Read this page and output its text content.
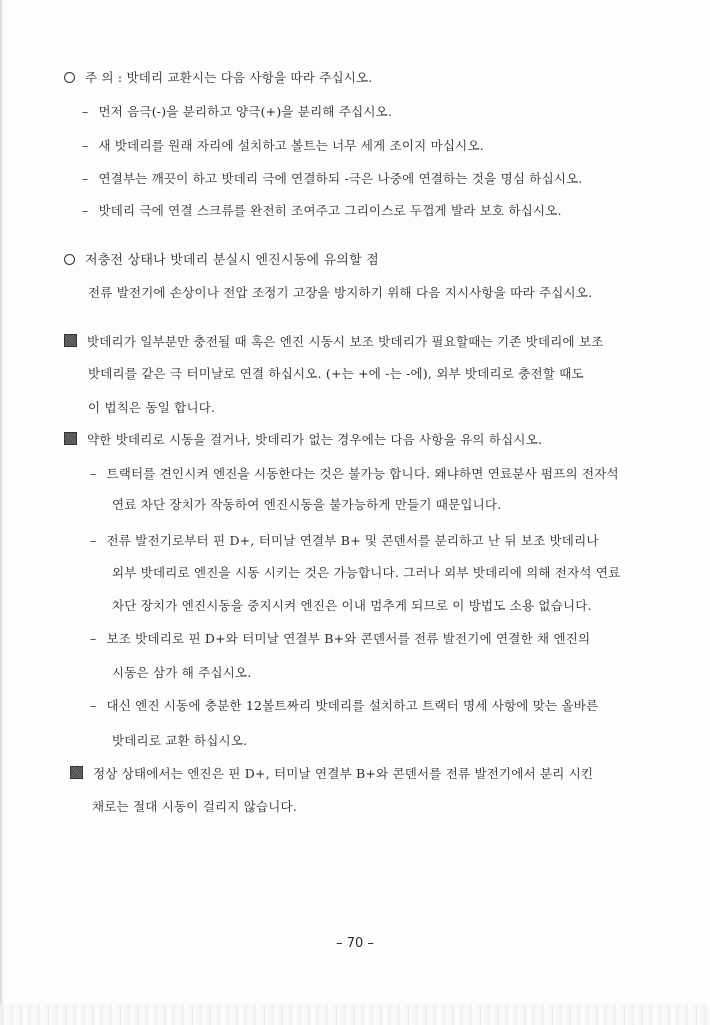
주 의 : 밧데리 교환시는 다음 사항을 따라 주십시오.
– 먼저 음극(-)을 분리하고 양극(+)을 분리해 주십시오.
– 새 밧데리를 원래 자리에 설치하고 볼트는 너무 세게 조이지 마십시오.
– 연결부는 깨끗이 하고 밧데리 극에 연결하되 -극은 나중에 연결하는 것을 명심 하십시오.
– 밧데리 극에 연결 스크류를 완전히 조여주고 그리이스로 두껍게 발라 보호 하십시오.
저충전 상태나 밧데리 분실시 엔진시동에 유의할 점
전류 발전기에 손상이나 전압 조정기 고장을 방지하기 위해 다음 지시사항을 따라 주십시오.
밧데리가 일부분만 충전될 때 혹은 엔진 시동시 보조 밧데리가 필요할때는 기존 밧데리에 보조
밧데리를 같은 극 터미날로 연결 하십시오. (+는 +에 -는 -에), 외부 밧데리로 충전할 때도
이 법칙은 동일 합니다.
약한 밧데리로 시동을 걸거나, 밧데리가 없는 경우에는 다음 사항을 유의 하십시오.
– 트랙터를 견인시켜 엔진을 시동한다는 것은 불가능 합니다. 왜냐하면 연료분사 펌프의 전자석
연료 차단 장치가 작동하여 엔진시동을 불가능하게 만들기 때문입니다.
– 전류 발전기로부터 핀 D+, 터미날 연결부 B+ 및 콘덴서를 분리하고 난 뒤 보조 밧데리나
외부 밧데리로 엔진을 시동 시키는 것은 가능합니다. 그러나 외부 밧데리에 의해 전자석 연료
차단 장치가 엔진시동을 중지시켜 엔진은 이내 멈추게 되므로 이 방법도 소용 없습니다.
– 보조 밧데리로 핀 D+와 터미날 연결부 B+와 콘덴서를 전류 발전기에 연결한 채 엔진의
시동은 삼가 해 주십시오.
– 대신 엔진 시동에 충분한 12볼트짜리 밧데리를 설치하고 트랙터 명세 사항에 맞는 올바른
밧데리로 교환 하십시오.
정상 상태에서는 엔진은 핀 D+, 터미날 연결부 B+와 콘덴서를 전류 발전기에서 분리 시킨
채로는 절대 시동이 걸리지 않습니다.
– 70 –
